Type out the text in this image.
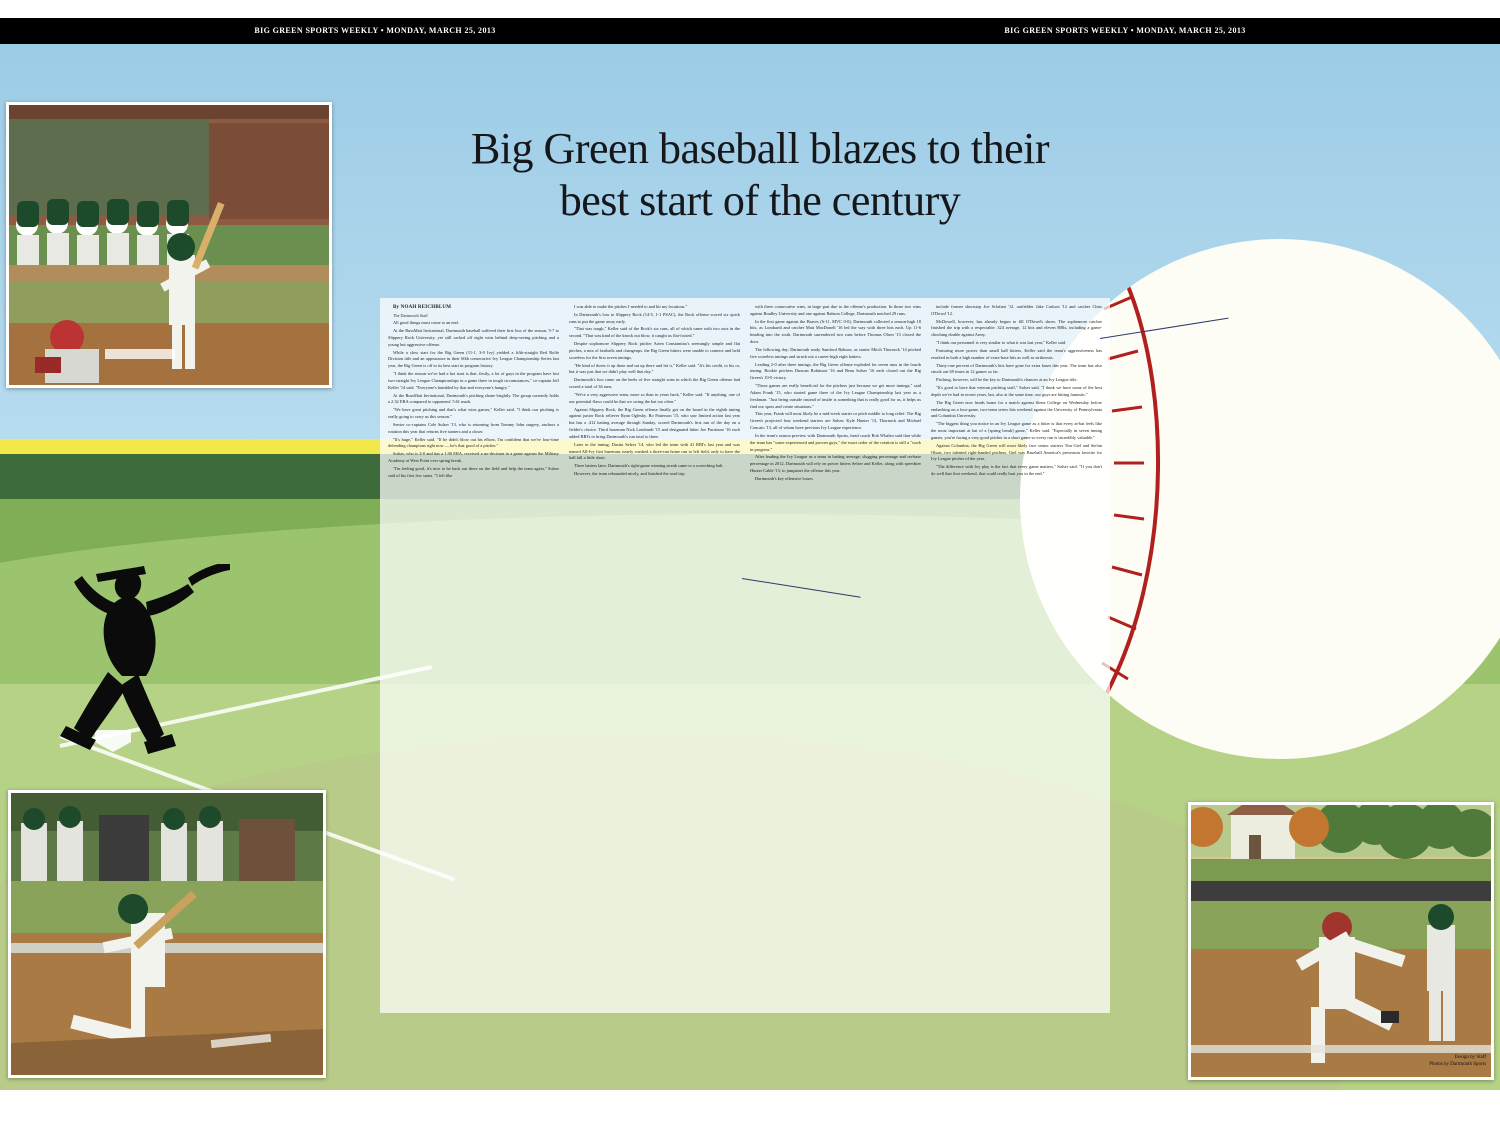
BIG GREEN SPORTS WEEKLY • MONDAY, MARCH 25, 2013	BIG GREEN SPORTS WEEKLY • MONDAY, MARCH 25, 2013
Big Green baseball blazes to their
best start of the century

By NOAH REICHBLUM

The Dartmouth Staff

All good things must come to an end.

At the RussMatt Invitational, Dartmouth baseball suffered their first loss of the season, 5-7 to Slippery Rock University, yet still racked off eight wins behind deep-seeing pitching and a young but aggressive offense.

While a slow start for the Big Green (11-1, 3-0 Ivy) yielded a fifth-straight Red Rolfe Division title and an appearance in their 60th consecutive Ivy League Championship Series last year, the Big Green is off to its best start in program history.

"I think the reason we've had a hot start is that, firstly, a lot of guys in the program have lost two-straight Ivy League Championships in a game three in tough circumstances," co-captain Jeff Keller '14 said. "Everyone's humbled by that and everyone's hungry."

At the RussMatt Invitational, Dartmouth's pitching shone brightly. The group currently holds a 2.32 ERA compared to opponents' 5.61 mark.

"We have great pitching and that's what wins games," Keller said. "I think our pitching is really going to carry us this season."

Senior co-captains Cole Sulser '13, who is returning from Tommy John surgery, anchors a rotation this year that returns five starters and a closer.

"It's huge," Keller said. "If he didn't blow out his elbow, I'm confident that we've four-time defending champions right now — he's that good of a pitcher."

Sulser, who is 2-0 and has a 1.00 ERA, received a no-decision in a game against the Military Academy at West Point over spring break.

"I'm feeling good, it's nice to be back out there on the field and help the team again," Sulser said of his first few starts. "I felt like

I was able to make the pitches I needed to and hit my locations."

In Dartmouth's loss to Slippery Rock (14-5, 1-1 PSAC), the Rock offense scored six quick runs to put the game away early.

"That was tough," Keller said of the Rock's six runs, all of which came with two outs in the second. "That was kind of the knock out blow, it caught us flat-footed."

Despite sophomore Slippery Rock pitcher Arien Constantino's seemingly simple and flat pitches, a mix of fastballs and changeups, the Big Green hitters were unable to connect and held scoreless for the first seven innings.

"He kind of threw it up there and sat up there and hit it," Keller said. "It's his credit, to his or, but it was just that we didn't play well that day."

Dartmouth's loss came on the heels of five straight wins in which the Big Green offense had scored a total of 36 runs.

"We're a very aggressive team, more so than in years back," Keller said. "If anything, one of our potential flaws could be that we swing the bat too often."

Against Slippery Rock, the Big Green offense finally got on the board in the eighth inning against junior Rock reliever Ryan Oglesby. Bo Patterson '15, who saw limited action last year but has a .412 batting average through Sunday, scored Dartmouth's first run of the day on a fielder's choice. Third baseman Nick Lombardi '15 and designated hitter Joe Purritano '16 each added RBI's to bring Dartmouth's run total to three.

Later in the inning, Dustin Selzer '14, who led the team with 41 RBI's last year and was named All-Ivy first baseman, nearly crushed a three-run home run to left field, only to have the ball fall a little short.

Three batters later, Dartmouth's right-game winning streak came to a screeching halt.

However, the team rebounded nicely, and finished the road trip

with three consecutive wins, in large part due to the offense's production. In those two wins against Bradley University and one against Babson College, Dartmouth notched 29 runs.

In the first game against the Braves (6-11, MVC 0-0), Dartmouth collected a season-high 18 hits, as Lombardi and catcher Matt MacDonell '16 led the way with three hits each. Up 11-6 heading into the sixth, Dartmouth surrendered two runs before Thomas Olsen '13 closed the door.

The following day, Dartmouth ready Samford Babson, as starter Mitch Thornock '14 pitched five scoreless innings and struck out a career-high eight batters.

Leading 2-0 after three innings, the Big Green offense exploded for seven runs in the fourth inning. Rookie pitchers Duncan Robinson '16 and Beau Sulser '16 each closed out the Big Green's 10-0 victory.

"Those games are really beneficial for the pitchers just because we get more innings," said Adam Frank '15, who started game three of the Ivy League Championship last year as a freshman. "Just being outside instead of inside is something that is really good for us, it helps us find our spots and create situations."

This year, Frank will most likely be a mid-week starter or pitch middle to long relief. The Big Green's projected four weekend starters are Sulser, Kyle Hunter '13, Thornock and Michael Concato '13, all of whom have previous Ivy League experience.

In the team's season preview with Dartmouth Sports, head coach Bob Whalen said that while the team has "some experienced and proven guys," the exact order of the rotation is still a "work in progress."

After leading the Ivy League as a team in batting average, slugging percentage and on-base percentage in 2012, Dartmouth will rely on power hitters Selzer and Keller, along with speedster Hunter Cable '13, to jumpstart the offense this year.

Dartmouth's key offensive losses

include former shortstop Joe Sclafani '12, outfielder Jake Carlson '12 and catcher Chris O'Dowd '12.

McDowell, however, has already begun to fill O'Dowd's shoes. The sophomore catcher finished the trip with a respectable .324 average, 12 hits and eleven RBIs, including a game-clinching double against Army.

"I think our personnel is very similar to what it was last year," Keller said.

Featuring more power than small ball hitters, Keller said the team's aggressiveness has resulted in both a high number of extra-base hits as well as strikeouts.

Thirty-one percent of Dartmouth's hits have gone for extra bases this year. The team has also struck out 69 times in 12 games so far.

Pitching, however, will be the key to Dartmouth's chances at an Ivy League title.

"It's good to have that veteran pitching staff," Sulser said. "I think we have some of the best depth we've had in recent years, but, also at the same time, our guys are hitting fantastic."

The Big Green now heads home for a match against Siena College on Wednesday before embarking on a four-game, two-team series this weekend against the University of Pennsylvania and Columbia University.

"The biggest thing you notice in an Ivy League game as a hitter is that every at-bat feels like the most important at bat of a [spring break] game," Keller said. "Especially in seven inning games, you're facing a very good pitcher in a short game so every run is incredibly valuable."

Against Columbia, the Big Green will most likely face senior starters Tim Giel and Stefan Olson, two talented right-handed pitchers. Giel was Baseball America's preseason favorite for Ivy League pitcher of the year.

"The difference with Ivy play is the fact that every game matters," Sulser said. "If you don't do well that first weekend, that could really hurt you in the end."

Design by Staff
Photos by Dartmouth Sports
